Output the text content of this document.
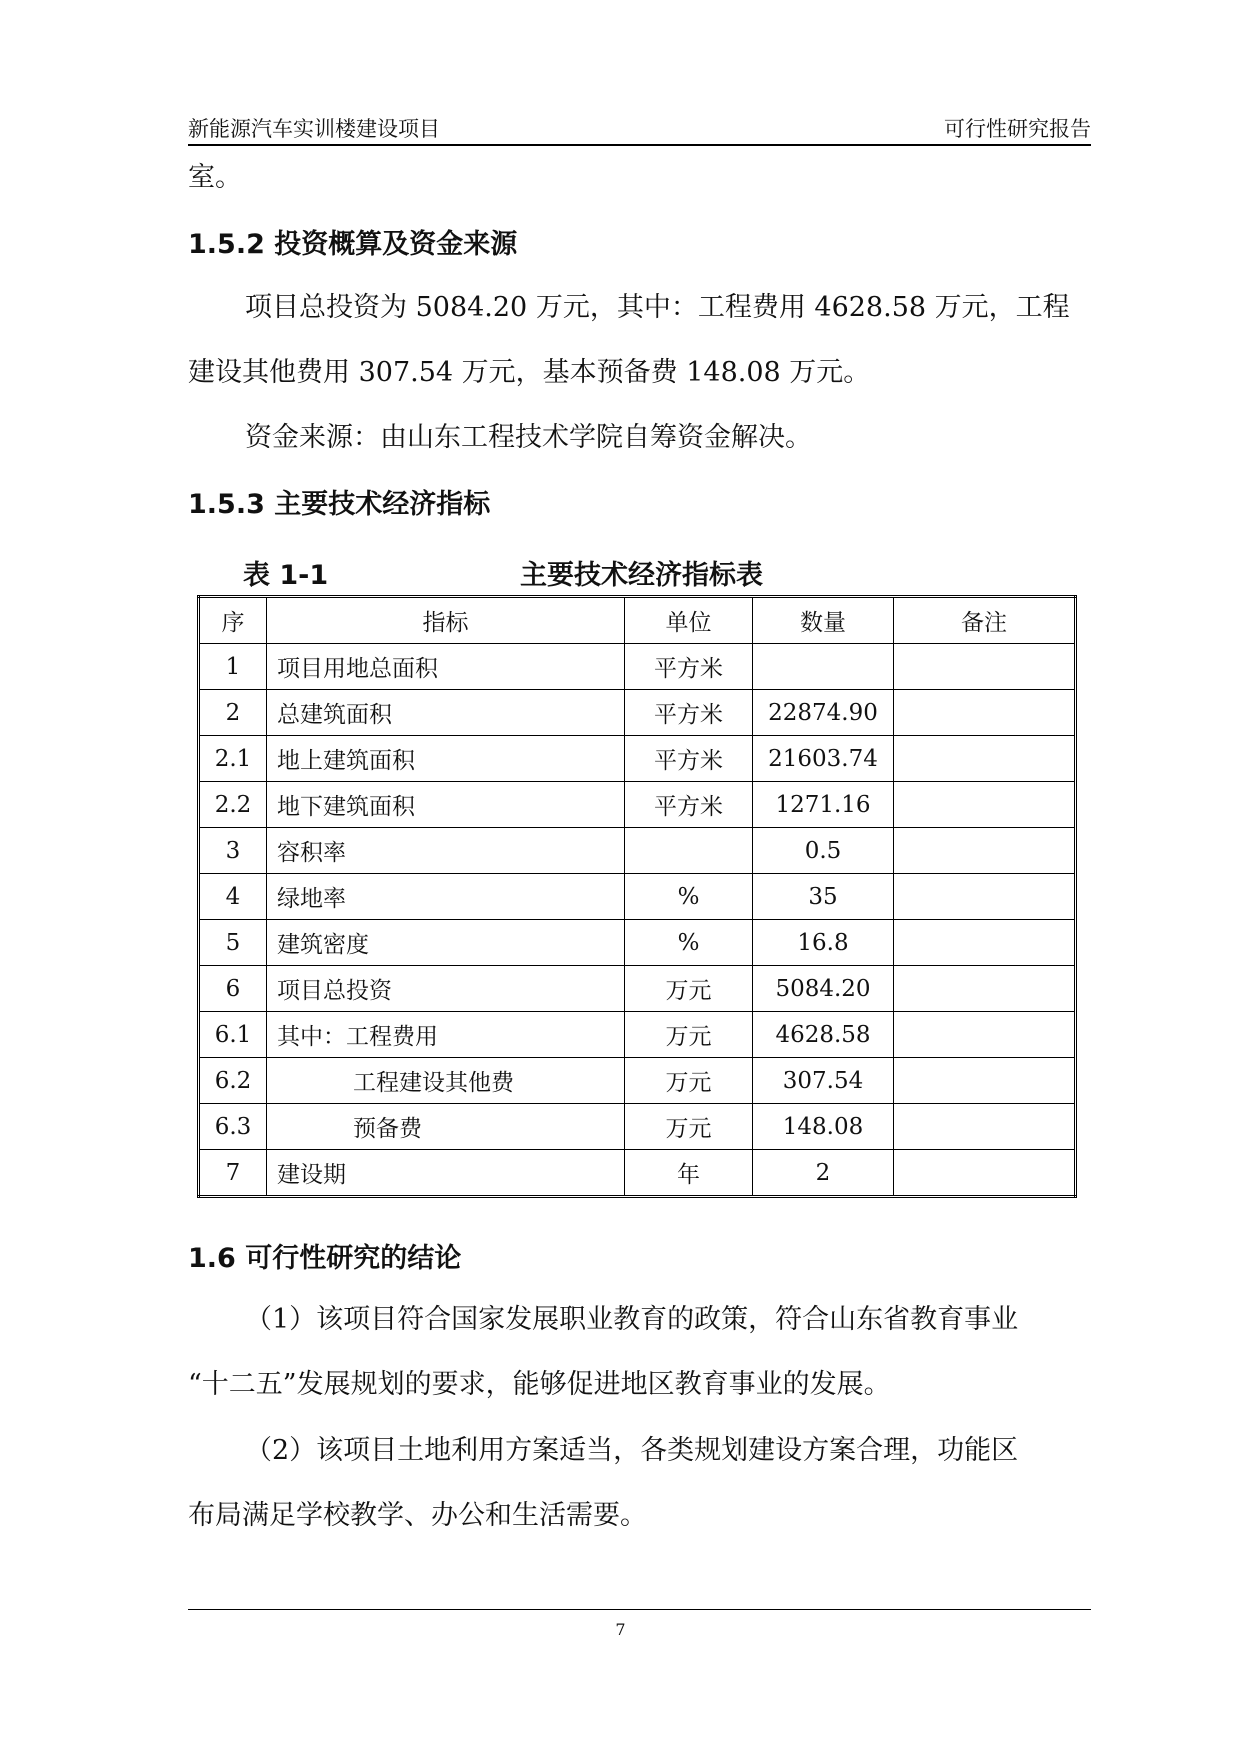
新能源汽车实训楼建设项目	可行性研究报告
室。
1.5.2 投资概算及资金来源
项目总投资为 5084.20 万元，其中：工程费用 4628.58 万元，工程
建设其他费用 307.54 万元，基本预备费 148.08 万元。
资金来源：由山东工程技术学院自筹资金解决。
1.5.3 主要技术经济指标
表 1-1	主要技术经济指标表
序	指标	单位	数量	备注
1	项目用地总面积	平方米		
2	总建筑面积	平方米	22874.90	
2.1	地上建筑面积	平方米	21603.74	
2.2	地下建筑面积	平方米	1271.16	
3	容积率		0.5	
4	绿地率	%	35	
5	建筑密度	%	16.8	
6	项目总投资	万元	5084.20	
6.1	其中：工程费用	万元	4628.58	
6.2	工程建设其他费	万元	307.54	
6.3	预备费	万元	148.08	
7	建设期	年	2	
1.6 可行性研究的结论
（1）该项目符合国家发展职业教育的政策，符合山东省教育事业
“十二五”发展规划的要求，能够促进地区教育事业的发展。
（2）该项目土地利用方案适当，各类规划建设方案合理，功能区
布局满足学校教学、办公和生活需要。
7
